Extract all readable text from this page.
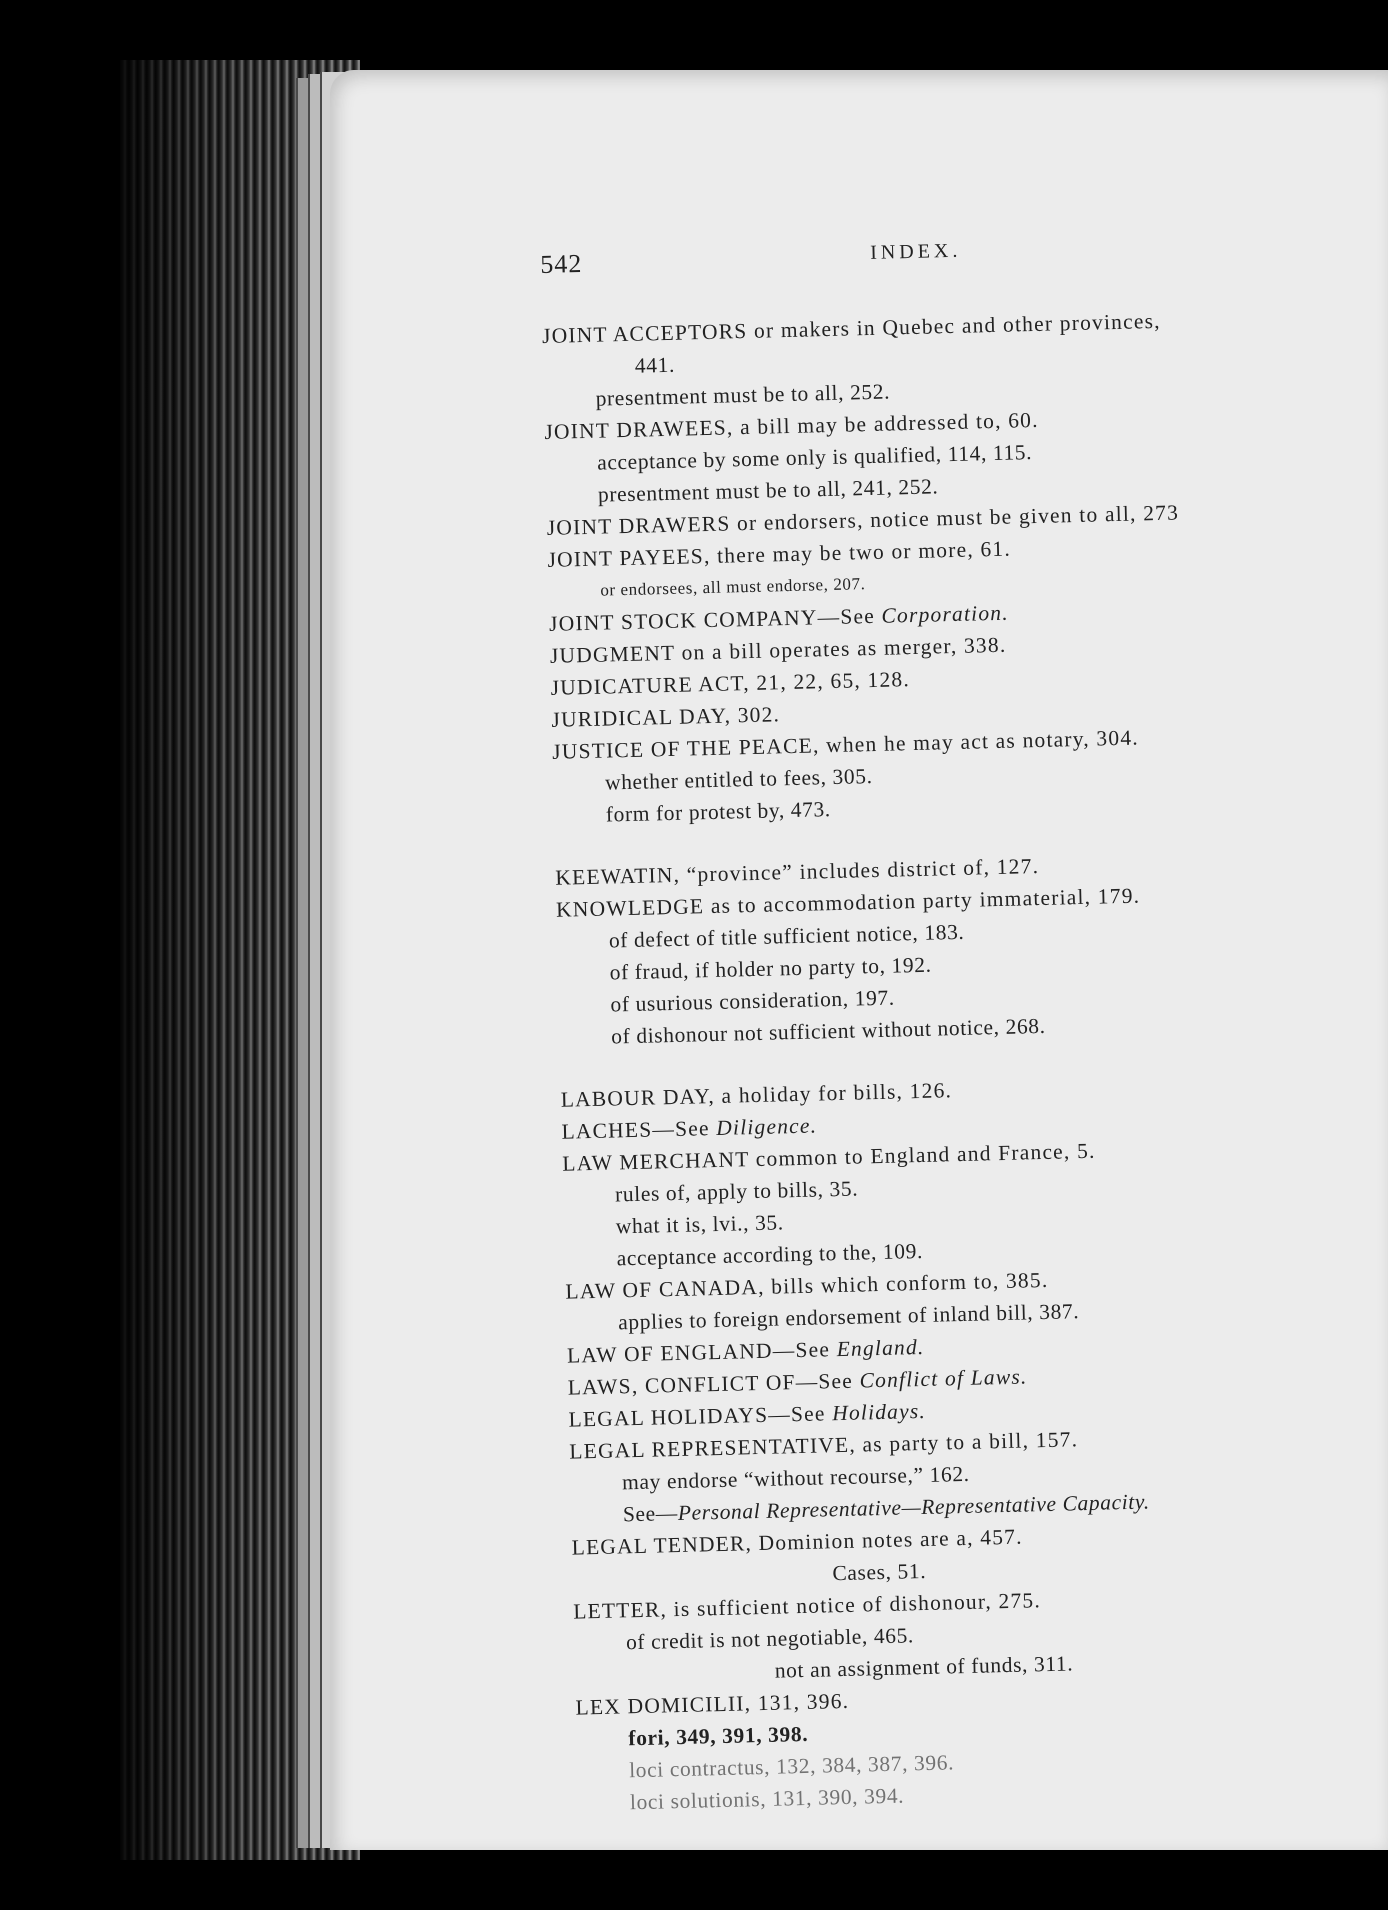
542	INDEX.
JOINT ACCEPTORS or makers in Quebec and other provinces,
441.
presentment must be to all, 252.
JOINT DRAWEES, a bill may be addressed to, 60.
acceptance by some only is qualified, 114, 115.
presentment must be to all, 241, 252.
JOINT DRAWERS or endorsers, notice must be given to all, 273
JOINT PAYEES, there may be two or more, 61.
or endorsees, all must endorse, 207.
JOINT STOCK COMPANY—See Corporation.
JUDGMENT on a bill operates as merger, 338.
JUDICATURE ACT, 21, 22, 65, 128.
JURIDICAL DAY, 302.
JUSTICE OF THE PEACE, when he may act as notary, 304.
whether entitled to fees, 305.
form for protest by, 473.
KEEWATIN, “province” includes district of, 127.
KNOWLEDGE as to accommodation party immaterial, 179.
of defect of title sufficient notice, 183.
of fraud, if holder no party to, 192.
of usurious consideration, 197.
of dishonour not sufficient without notice, 268.
LABOUR DAY, a holiday for bills, 126.
LACHES—See Diligence.
LAW MERCHANT common to England and France, 5.
rules of, apply to bills, 35.
what it is, lvi., 35.
acceptance according to the, 109.
LAW OF CANADA, bills which conform to, 385.
applies to foreign endorsement of inland bill, 387.
LAW OF ENGLAND—See England.
LAWS, CONFLICT OF—See Conflict of Laws.
LEGAL HOLIDAYS—See Holidays.
LEGAL REPRESENTATIVE, as party to a bill, 157.
may endorse “without recourse,” 162.
See—Personal Representative—Representative Capacity.
LEGAL TENDER, Dominion notes are a, 457.
Cases, 51.
LETTER, is sufficient notice of dishonour, 275.
of credit is not negotiable, 465.
not an assignment of funds, 311.
LEX DOMICILII, 131, 396.
fori, 349, 391, 398.
loci contractus, 132, 384, 387, 396.
loci solutionis, 131, 390, 394.
